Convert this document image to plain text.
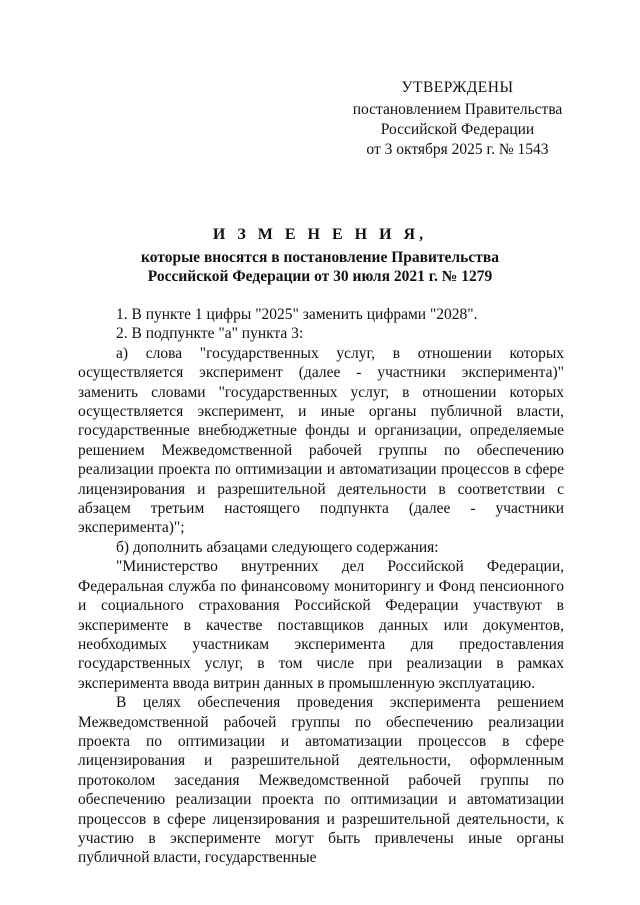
УТВЕРЖДЕНЫ
постановлением Правительства
Российской Федерации
от 3 октября 2025 г. № 1543
И З М Е Н Е Н И Я,
которые вносятся в постановление Правительства
Российской Федерации от 30 июля 2021 г. № 1279

1. В пункте 1 цифры "2025" заменить цифрами "2028".

2. В подпункте "а" пункта 3:

а) слова "государственных услуг, в отношении которых осуществляется эксперимент (далее - участники эксперимента)" заменить словами "государственных услуг, в отношении которых осуществляется эксперимент, и иные органы публичной власти, государственные внебюджетные фонды и организации, определяемые решением Межведомственной рабочей группы по обеспечению реализации проекта по оптимизации и автоматизации процессов в сфере лицензирования и разрешительной деятельности в соответствии с абзацем третьим настоящего подпункта (далее - участники эксперимента)";

б) дополнить абзацами следующего содержания:

"Министерство внутренних дел Российской Федерации, Федеральная служба по финансовому мониторингу и Фонд пенсионного и социального страхования Российской Федерации участвуют в эксперименте в качестве поставщиков данных или документов, необходимых участникам эксперимента для предоставления государственных услуг, в том числе при реализации в рамках эксперимента ввода витрин данных в промышленную эксплуатацию.

В целях обеспечения проведения эксперимента решением Межведомственной рабочей группы по обеспечению реализации проекта по оптимизации и автоматизации процессов в сфере лицензирования и разрешительной деятельности, оформленным протоколом заседания Межведомственной рабочей группы по обеспечению реализации проекта по оптимизации и автоматизации процессов в сфере лицензирования и разрешительной деятельности, к участию в эксперименте могут быть привлечены иные органы публичной власти, государственные
